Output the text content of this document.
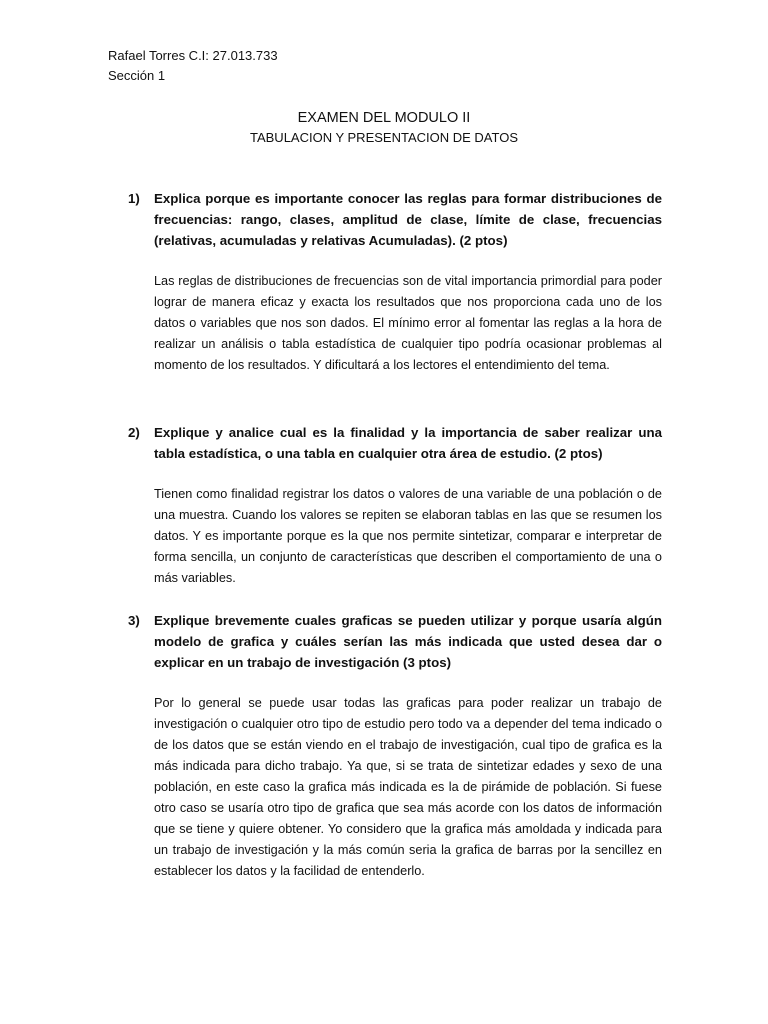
Rafael Torres C.I: 27.013.733
Sección 1
EXAMEN DEL MODULO II
TABULACION Y PRESENTACION DE DATOS
1) Explica porque es importante conocer las reglas para formar distribuciones de frecuencias: rango, clases, amplitud de clase, límite de clase, frecuencias (relativas, acumuladas y relativas Acumuladas). (2 ptos)
Las reglas de distribuciones de frecuencias son de vital importancia primordial para poder lograr de manera eficaz y exacta los resultados que nos proporciona cada uno de los datos o variables que nos son dados. El mínimo error al fomentar las reglas a la hora de realizar un análisis o tabla estadística de cualquier tipo podría ocasionar problemas al momento de los resultados. Y dificultará a los lectores el entendimiento del tema.
2) Explique y analice cual es la finalidad y la importancia de saber realizar una tabla estadística, o una tabla en cualquier otra área de estudio. (2 ptos)
Tienen como finalidad registrar los datos o valores de una variable de una población o de una muestra. Cuando los valores se repiten se elaboran tablas en las que se resumen los datos. Y es importante porque es la que nos permite sintetizar, comparar e interpretar de forma sencilla, un conjunto de características que describen el comportamiento de una o más variables.
3) Explique brevemente cuales graficas se pueden utilizar y porque usaría algún modelo de grafica y cuáles serían las más indicada que usted desea dar o explicar en un trabajo de investigación (3 ptos)
Por lo general se puede usar todas las graficas para poder realizar un trabajo de investigación o cualquier otro tipo de estudio pero todo va a depender del tema indicado o de los datos que se están viendo en el trabajo de investigación, cual tipo de grafica es la más indicada para dicho trabajo. Ya que, si se trata de sintetizar edades y sexo de una población, en este caso la grafica más indicada es la de pirámide de población. Si fuese otro caso se usaría otro tipo de grafica que sea más acorde con los datos de información que se tiene y quiere obtener. Yo considero que la grafica más amoldada y indicada para un trabajo de investigación y la más común seria la grafica de barras por la sencillez en establecer los datos y la facilidad de entenderlo.
